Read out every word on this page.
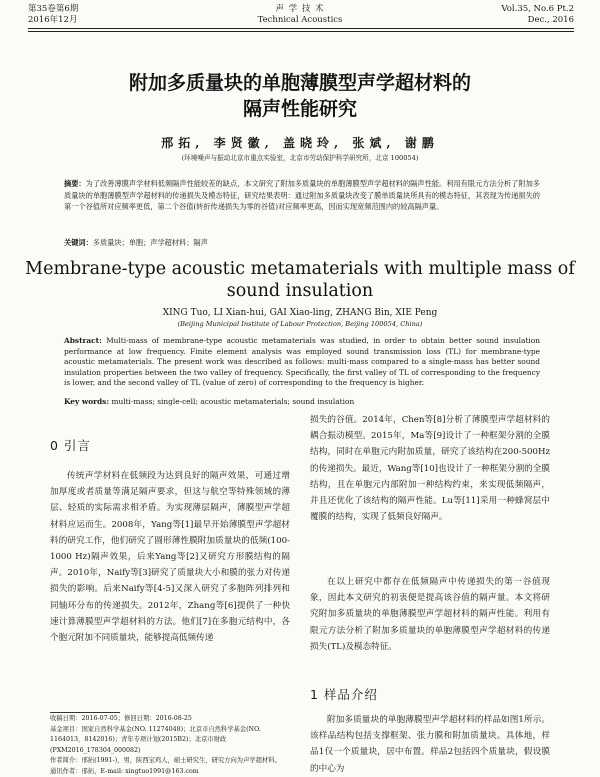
第35卷第6期
2016年12月
声 学 技 术
Technical Acoustics
Vol.35, No.6 Pt.2
Dec., 2016
附加多质量块的单胞薄膜型声学超材料的
隔声性能研究
邢拓, 李贤徽, 盖晓玲, 张斌, 谢鹏
(环境噪声与振动北京市重点实验室，北京市劳动保护科学研究所，北京 100054)
摘要：为了改善薄膜声学材料低频隔声性能较差的缺点，本文研究了附加多质量块的单胞薄膜型声学超材料的隔声性能。利用有限元方法分析了附加多质量块的单胞薄膜型声学超材料的传递损失及模态特征，研究结果表明：通过附加多质量块改变了膜单质量块所具有的模态特征，其表现为传递损失的第一个谷值所对应频率更低，第二个谷值(转折传递损失为零的谷值)对应频率更高，因而实现宽频范围内的较高隔声量。
关键词：多质量块；单胞；声学超材料；隔声
Membrane-type acoustic metamaterials with multiple mass of
sound insulation
XING Tuo, LI Xian-hui, GAI Xiao-ling, ZHANG Bin, XIE Peng
(Beijing Municipal Institute of Labour Protection, Beijing 100054, China)
Abstract: Multi-mass of membrane-type acoustic metamaterials was studied, in order to obtain better sound insulation performance at low frequency. Finite element analysis was employed sound transmission loss (TL) for membrane-type acoustic metamaterials. The present work was described as follows: multi-mass compared to a single-mass has better sound insulation properties between the two valley of frequency. Specifically, the first valley of TL of corresponding to the frequency is lower, and the second valley of TL (value of zero) of corresponding to the frequency is higher.
Key words: multi-mass; single-cell; acoustic metamaterials; sound insulation
0 引言
传统声学材料在低频段为达到良好的隔声效果，可通过增加厚度或者质量等满足隔声要求，但这与航空等特殊领域的薄层、轻质的实际需求相矛盾。为实现薄层隔声，薄膜型声学超材料应运而生。2008年，Yang等[1]最早开始薄膜型声学超材料的研究工作，他们研究了圆形薄性膜附加质量块的低频(100-1000 Hz)隔声效果，后来Yang等[2]又研究方形膜结构的隔声。2010年，Naify等[3]研究了质量块大小和膜的张力对传递损失的影响。后来Naify等[4-5]又深入研究了多胞阵列排列和同轴环分布的传递损失。2012年，Zhang等[6]提供了一种快速计算薄膜型声学超材料的方法。他们[7]在多胞元结构中，各个胞元附加不同质量块，能够提高低频传递
收稿日期：2016-07-05；修回日期：2016-08-25
基金项目：国家自然科学基金(NO. 11274048)；北京市自然科学基金(NO. 1164013，8142016)；青年专项计划(2015B2)；北京市财政(PXM2016_178304_000082)
作者简介：邢拓(1991-)，男，陕西宝鸡人，硕士研究生，研究方向为声学超材料。
通讯作者：邢拓，E-mail: xingtuo1991@163.com
损失的谷值。2014年，Chen等[8]分析了薄膜型声学超材料的耦合振动模型。2015年，Ma等[9]设计了一种框架分割的全膜结构，同时在单胞元内附加质量，研究了该结构在200-500Hz的传递损失。最近，Wang等[10]也设计了一种框架分割的全膜结构，且在单胞元内部附加一种结构约束，来实现低频隔声，并且还优化了该结构的隔声性能。Lu等[11]采用一种蜂窝层中覆膜的结构，实现了低频良好隔声。
在以上研究中都存在低频隔声中传递损失的第一谷值现象，因此本文研究的初衷便是提高该谷值的隔声量。本文将研究附加多质量块的单胞薄膜型声学超材料的隔声性能。利用有限元方法分析了附加多质量块的单胞薄膜型声学超材料的传递损失(TL)及模态特征。
1 样品介绍
附加多质量块的单胞薄膜型声学超材料的样品如图1所示。该样品结构包括支撑框架、张力膜和附加质量块。具体地，样品1仅一个质量块，居中布置。样品2包括四个质量块，假设膜的中心为
